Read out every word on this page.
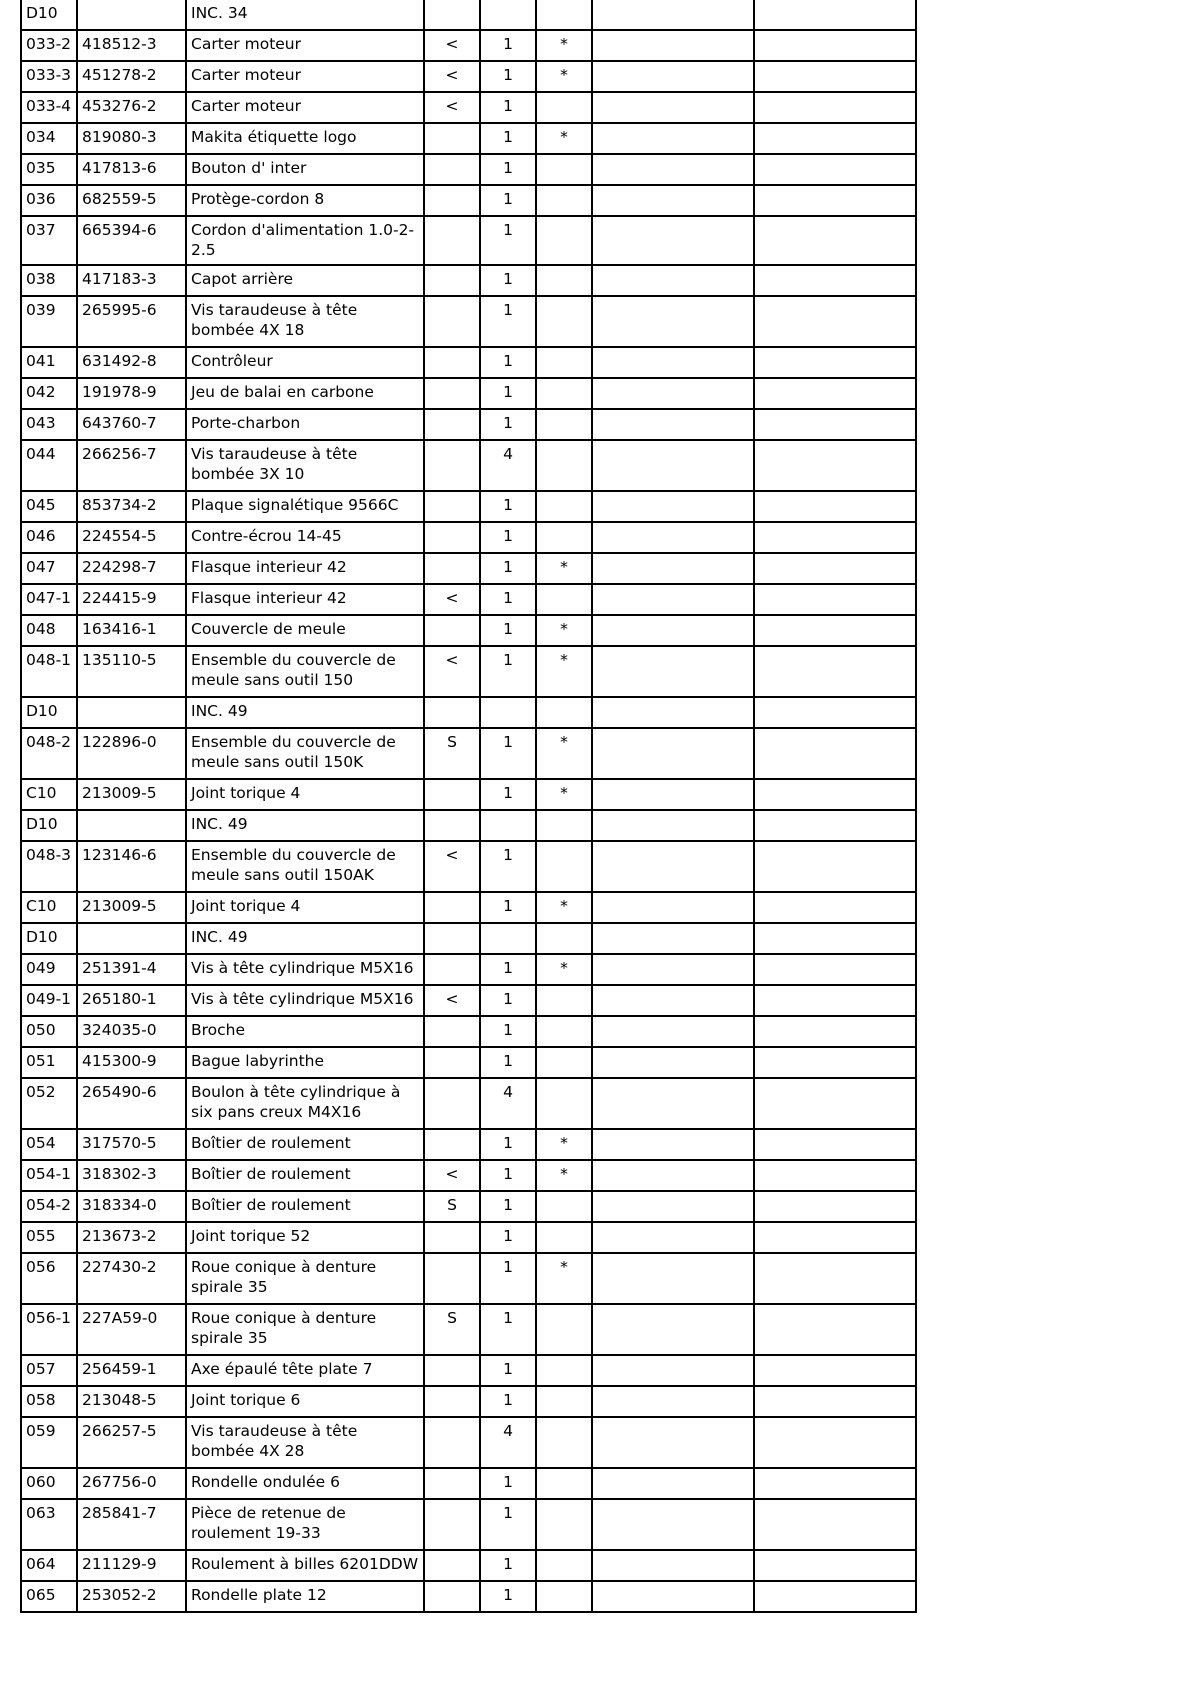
D10		INC. 34					
033-2	418512-3	Carter moteur	<	1	*		
033-3	451278-2	Carter moteur	<	1	*		
033-4	453276-2	Carter moteur	<	1			
034	819080-3	Makita étiquette logo		1	*		
035	417813-6	Bouton d' inter		1			
036	682559-5	Protège-cordon 8		1			
037	665394-6	Cordon d'alimentation 1.0-2-2.5		1			
038	417183-3	Capot arrière		1			
039	265995-6	Vis taraudeuse à tête bombée 4X 18		1			
041	631492-8	Contrôleur		1			
042	191978-9	Jeu de balai en carbone		1			
043	643760-7	Porte-charbon		1			
044	266256-7	Vis taraudeuse à tête bombée 3X 10		4			
045	853734-2	Plaque signalétique 9566C		1			
046	224554-5	Contre-écrou 14-45		1			
047	224298-7	Flasque interieur 42		1	*		
047-1	224415-9	Flasque interieur 42	<	1			
048	163416-1	Couvercle de meule		1	*		
048-1	135110-5	Ensemble du couvercle de meule sans outil 150	<	1	*		
D10		INC. 49					
048-2	122896-0	Ensemble du couvercle de meule sans outil 150K	S	1	*		
C10	213009-5	Joint torique 4		1	*		
D10		INC. 49					
048-3	123146-6	Ensemble du couvercle de meule sans outil 150AK	<	1			
C10	213009-5	Joint torique 4		1	*		
D10		INC. 49					
049	251391-4	Vis à tête cylindrique M5X16		1	*		
049-1	265180-1	Vis à tête cylindrique M5X16	<	1			
050	324035-0	Broche		1			
051	415300-9	Bague labyrinthe		1			
052	265490-6	Boulon à tête cylindrique à six pans creux M4X16		4			
054	317570-5	Boîtier de roulement		1	*		
054-1	318302-3	Boîtier de roulement	<	1	*		
054-2	318334-0	Boîtier de roulement	S	1			
055	213673-2	Joint torique 52		1			
056	227430-2	Roue conique à denture spirale 35		1	*		
056-1	227A59-0	Roue conique à denture spirale 35	S	1			
057	256459-1	Axe épaulé tête plate 7		1			
058	213048-5	Joint torique 6		1			
059	266257-5	Vis taraudeuse à tête bombée 4X 28		4			
060	267756-0	Rondelle ondulée 6		1			
063	285841-7	Pièce de retenue de roulement 19-33		1			
064	211129-9	Roulement à billes 6201DDW		1			
065	253052-2	Rondelle plate 12		1			
